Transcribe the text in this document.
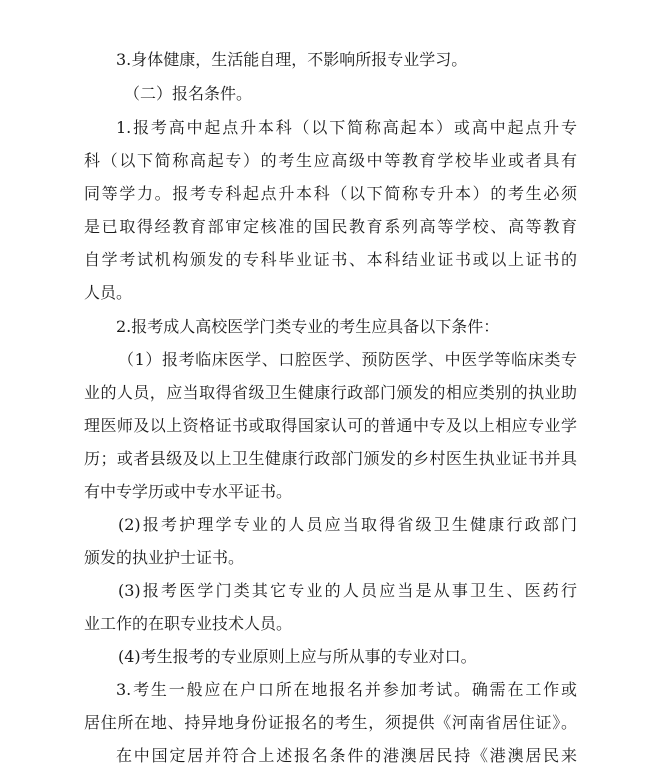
3.身体健康，生活能自理，不影响所报专业学习。
（二）报名条件。
1.报考高中起点升本科（以下简称高起本）或高中起点升专
科（以下简称高起专）的考生应高级中等教育学校毕业或者具有
同等学力。报考专科起点升本科（以下简称专升本）的考生必须
是已取得经教育部审定核准的国民教育系列高等学校、高等教育
自学考试机构颁发的专科毕业证书、本科结业证书或以上证书的
人员。
2.报考成人高校医学门类专业的考生应具备以下条件：
（1）报考临床医学、口腔医学、预防医学、中医学等临床类专
业的人员，应当取得省级卫生健康行政部门颁发的相应类别的执业助
理医师及以上资格证书或取得国家认可的普通中专及以上相应专业学
历；或者县级及以上卫生健康行政部门颁发的乡村医生执业证书并具
有中专学历或中专水平证书。
(2)报考护理学专业的人员应当取得省级卫生健康行政部门
颁发的执业护士证书。
(3)报考医学门类其它专业的人员应当是从事卫生、医药行
业工作的在职专业技术人员。
(4)考生报考的专业原则上应与所从事的专业对口。
3.考生一般应在户口所在地报名并参加考试。确需在工作或
居住所在地、持异地身份证报名的考生，须提供《河南省居住证》。
在中国定居并符合上述报名条件的港澳居民持《港澳居民来
